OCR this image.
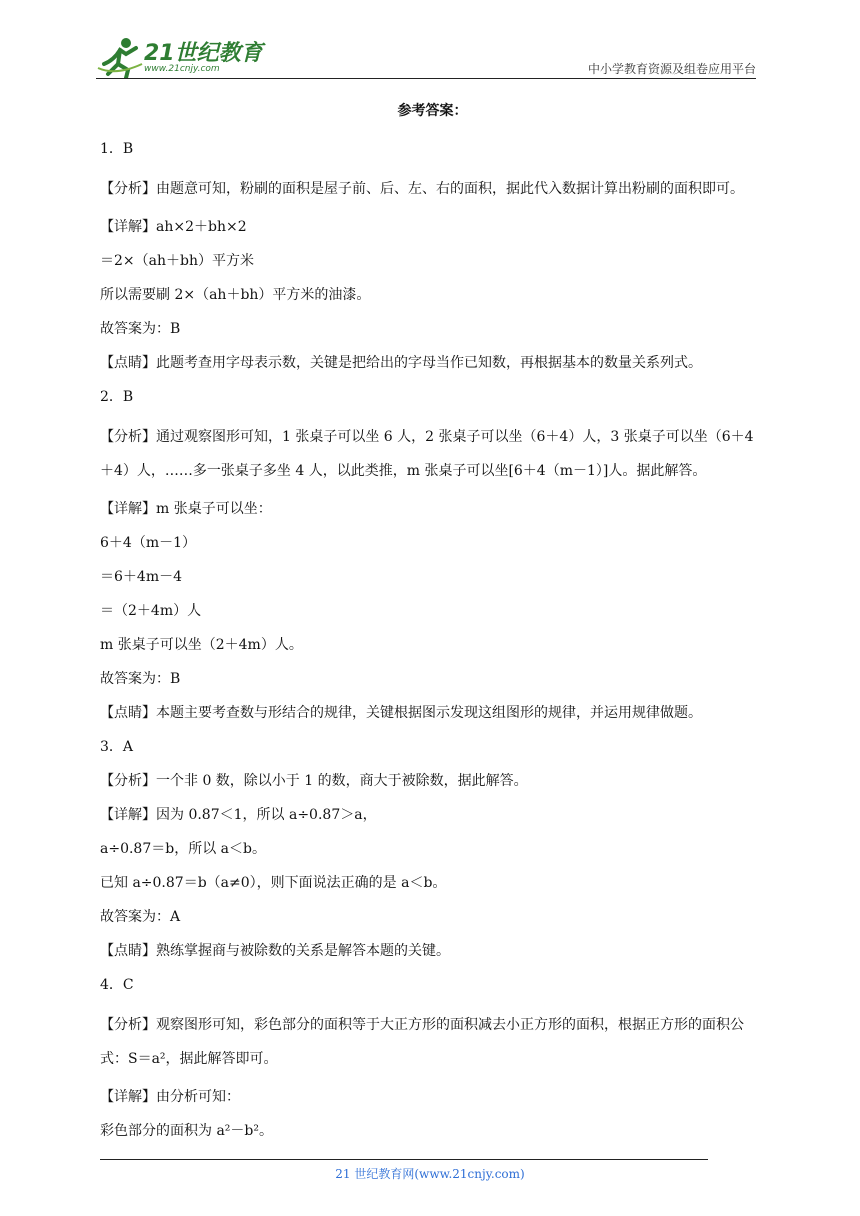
21世纪教育
www.21cnjy.com	中小学教育资源及组卷应用平台
参考答案：
1．B
【分析】由题意可知，粉刷的面积是屋子前、后、左、右的面积，据此代入数据计算出粉刷的面积即可。
【详解】ah×2＋bh×2
＝2×（ah＋bh）平方米
所以需要刷 2×（ah＋bh）平方米的油漆。
故答案为：B
【点睛】此题考查用字母表示数，关键是把给出的字母当作已知数，再根据基本的数量关系列式。
2．B
【分析】通过观察图形可知，1 张桌子可以坐 6 人，2 张桌子可以坐（6＋4）人，3 张桌子可以坐（6＋4＋4）人，……多一张桌子多坐 4 人，以此类推，m 张桌子可以坐[6＋4（m－1）]人。据此解答。
【详解】m 张桌子可以坐：
6＋4（m－1）
＝6＋4m－4
＝（2＋4m）人
m 张桌子可以坐（2＋4m）人。
故答案为：B
【点睛】本题主要考查数与形结合的规律，关键根据图示发现这组图形的规律，并运用规律做题。
3．A
【分析】一个非 0 数，除以小于 1 的数，商大于被除数，据此解答。
【详解】因为 0.87＜1，所以 a÷0.87＞a，
a÷0.87＝b，所以 a＜b。
已知 a÷0.87＝b（a≠0），则下面说法正确的是 a＜b。
故答案为：A
【点睛】熟练掌握商与被除数的关系是解答本题的关键。
4．C
【分析】观察图形可知，彩色部分的面积等于大正方形的面积减去小正方形的面积，根据正方形的面积公式：S＝a²，据此解答即可。
【详解】由分析可知：
彩色部分的面积为 a²－b²。
21 世纪教育网(www.21cnjy.com)
